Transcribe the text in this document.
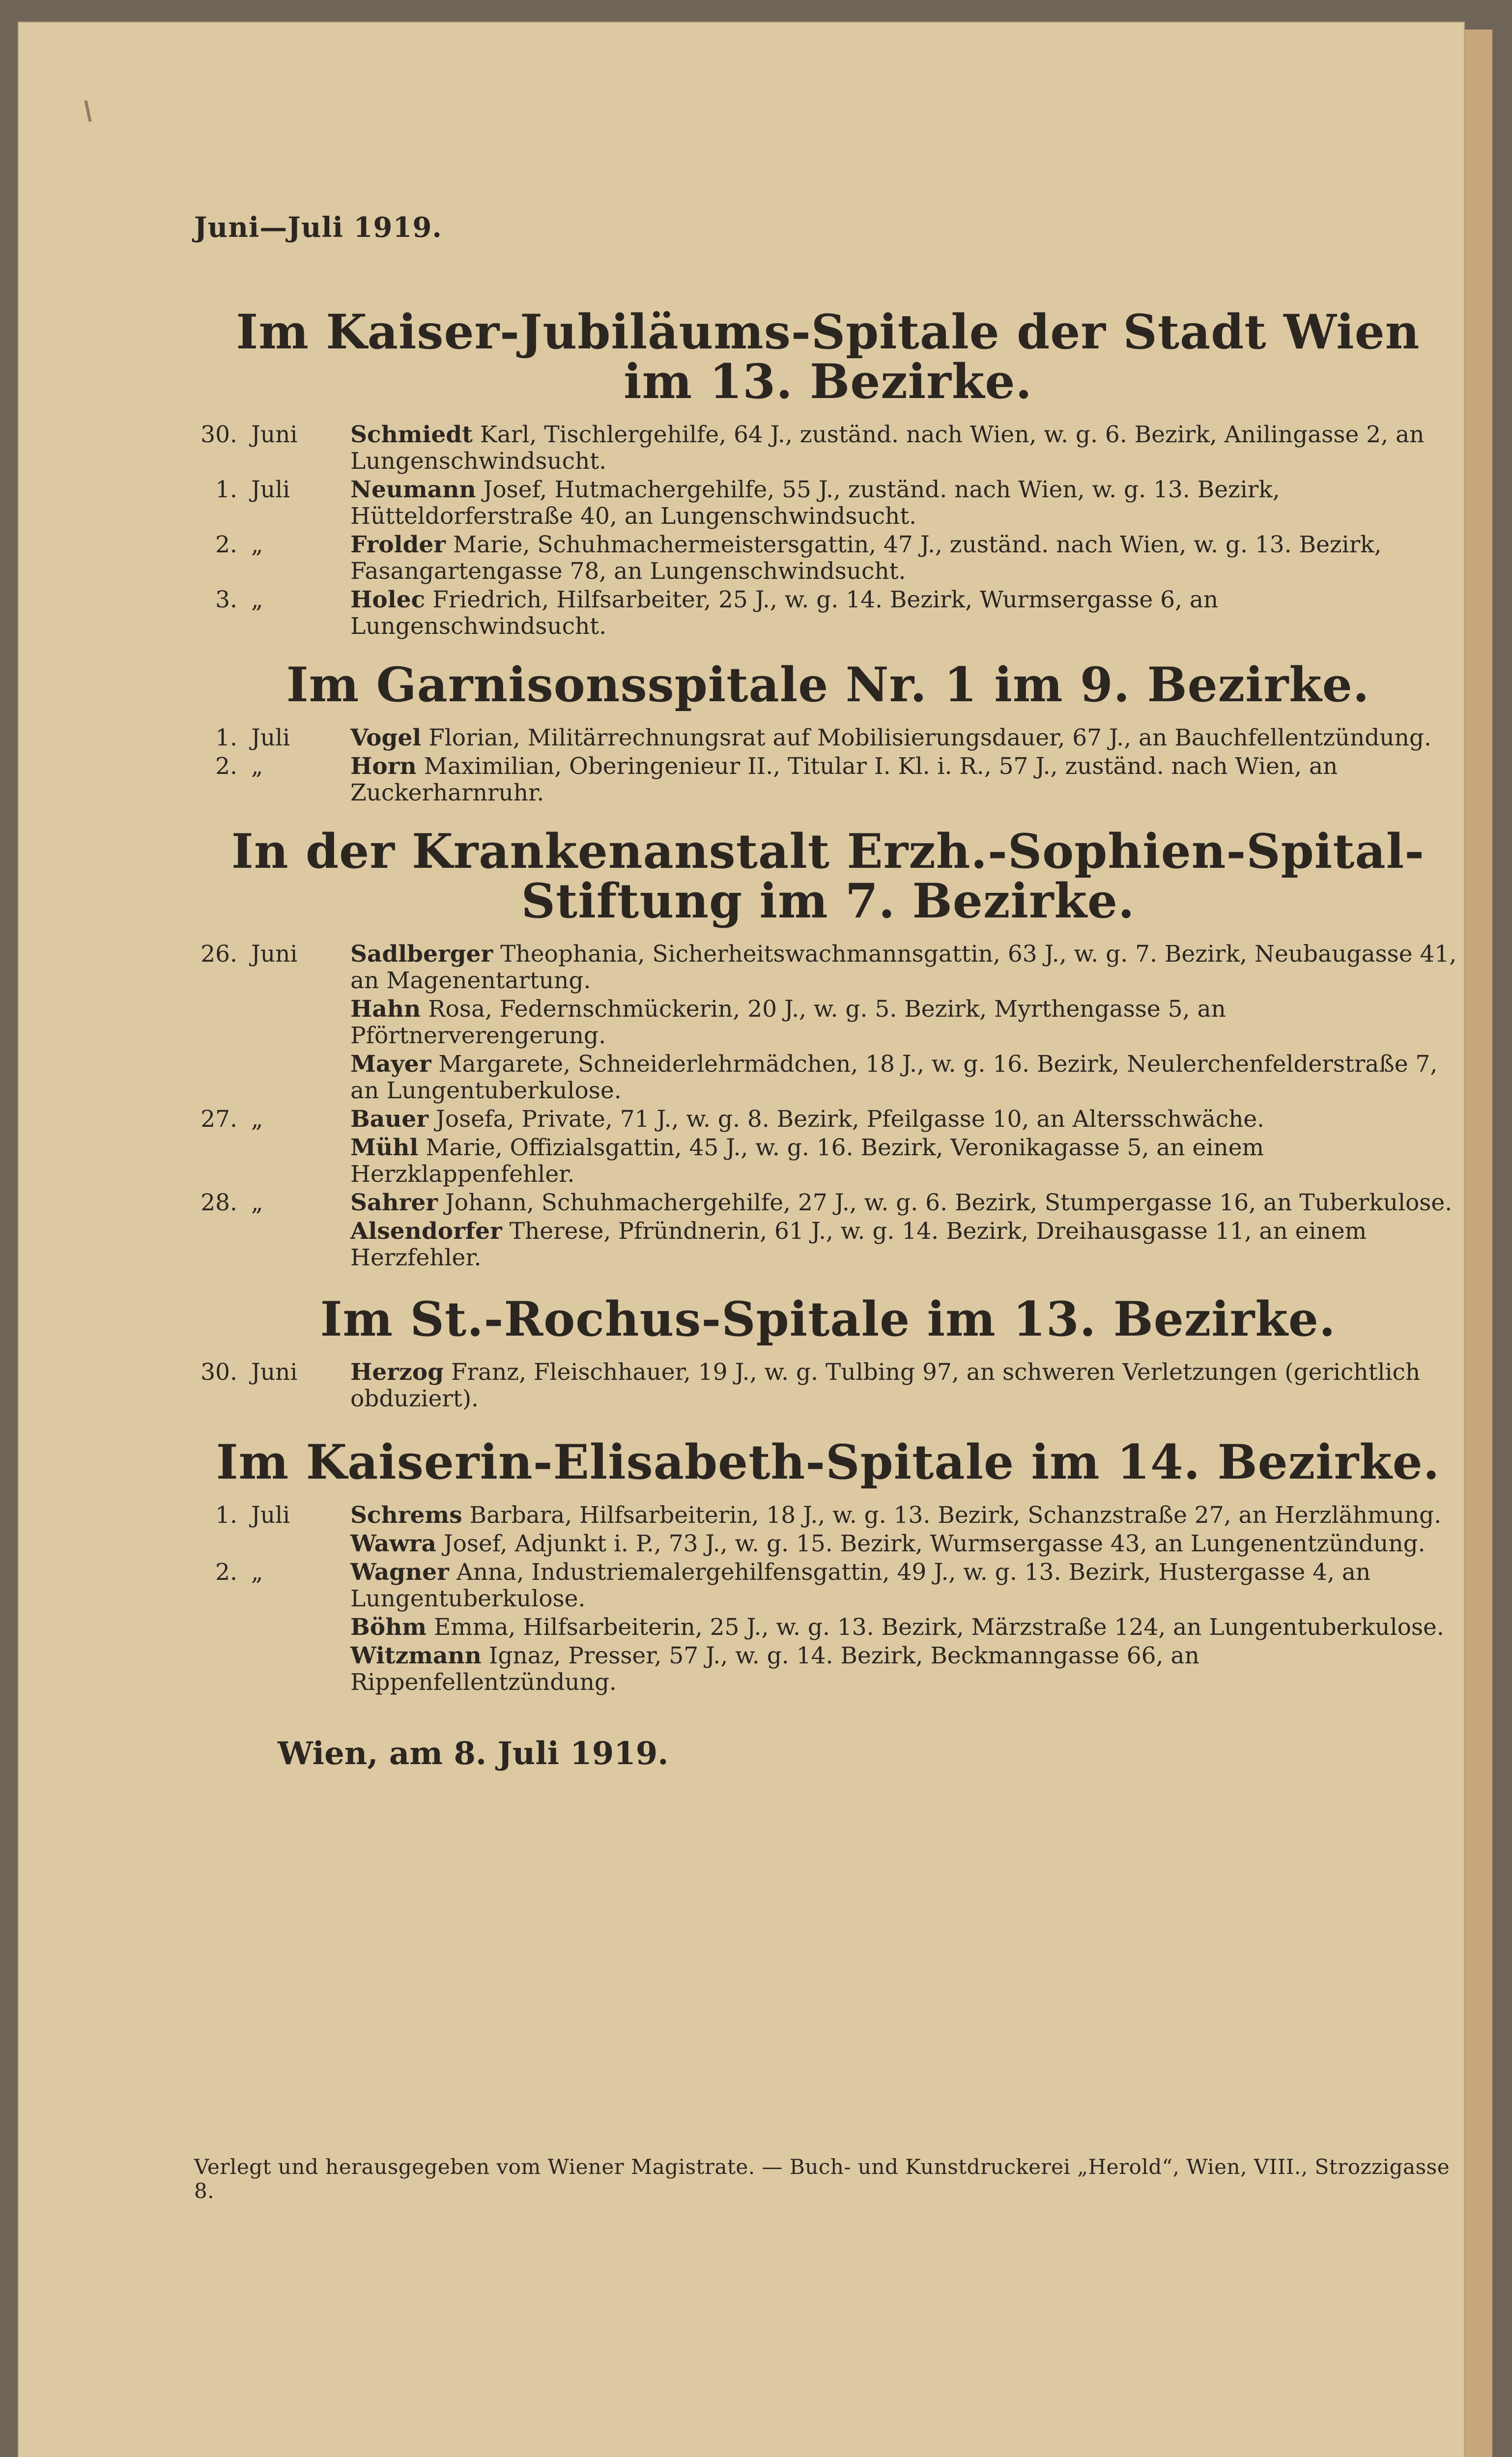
Juni—Juli 1919.

Im Kaiser-Jubiläums-Spitale der Stadt Wien im 13. Bezirke.
30. Juni	Schmiedt Karl, Tischlergehilfe, 64 J., zuständ. nach Wien, w. g. 6. Bezirk, Anilingasse 2, an Lungenschwindsucht.
1. Juli	Neumann Josef, Hutmachergehilfe, 55 J., zuständ. nach Wien, w. g. 13. Bezirk, Hütteldorferstraße 40, an Lungenschwindsucht.
2. „	Frolder Marie, Schuhmachermeistersgattin, 47 J., zuständ. nach Wien, w. g. 13. Bezirk, Fasangartengasse 78, an Lungenschwindsucht.
3. „	Holec Friedrich, Hilfsarbeiter, 25 J., w. g. 14. Bezirk, Wurmsergasse 6, an Lungenschwindsucht.
Im Garnisonsspitale Nr. 1 im 9. Bezirke.
1. Juli	Vogel Florian, Militärrechnungsrat auf Mobilisierungsdauer, 67 J., an Bauchfellentzündung.
2. „	Horn Maximilian, Oberingenieur II., Titular I. Kl. i. R., 57 J., zuständ. nach Wien, an Zuckerharnruhr.
In der Krankenanstalt Erzh.-Sophien-Spital-Stiftung im 7. Bezirke.
26. Juni	Sadlberger Theophania, Sicherheitswachmannsgattin, 63 J., w. g. 7. Bezirk, Neubaugasse 41, an Magenentartung.
Hahn Rosa, Federnschmückerin, 20 J., w. g. 5. Bezirk, Myrthengasse 5, an Pförtnerverengerung.
Mayer Margarete, Schneiderlehrmädchen, 18 J., w. g. 16. Bezirk, Neulerchenfelderstraße 7, an Lungentuberkulose.
27. „	Bauer Josefa, Private, 71 J., w. g. 8. Bezirk, Pfeilgasse 10, an Altersschwäche.
Mühl Marie, Offizialsgattin, 45 J., w. g. 16. Bezirk, Veronikagasse 5, an einem Herzklappenfehler.
28. „	Sahrer Johann, Schuhmachergehilfe, 27 J., w. g. 6. Bezirk, Stumpergasse 16, an Tuberkulose.
Alsendorfer Therese, Pfründnerin, 61 J., w. g. 14. Bezirk, Dreihausgasse 11, an einem Herzfehler.
Im St.-Rochus-Spitale im 13. Bezirke.
30. Juni	Herzog Franz, Fleischhauer, 19 J., w. g. Tulbing 97, an schweren Verletzungen (gerichtlich obduziert).
Im Kaiserin-Elisabeth-Spitale im 14. Bezirke.
1. Juli	Schrems Barbara, Hilfsarbeiterin, 18 J., w. g. 13. Bezirk, Schanzstraße 27, an Herzlähmung.
Wawra Josef, Adjunkt i. P., 73 J., w. g. 15. Bezirk, Wurmsergasse 43, an Lungenentzündung.
2. „	Wagner Anna, Industriemalergehilfensgattin, 49 J., w. g. 13. Bezirk, Hustergasse 4, an Lungentuberkulose.
Böhm Emma, Hilfsarbeiterin, 25 J., w. g. 13. Bezirk, Märzstraße 124, an Lungentuberkulose.
Witzmann Ignaz, Presser, 57 J., w. g. 14. Bezirk, Beckmanngasse 66, an Rippenfellentzündung.

Wien, am 8. Juli 1919.

Verlegt und herausgegeben vom Wiener Magistrate. — Buch- und Kunstdruckerei „Herold“, Wien, VIII., Strozzigasse 8.
